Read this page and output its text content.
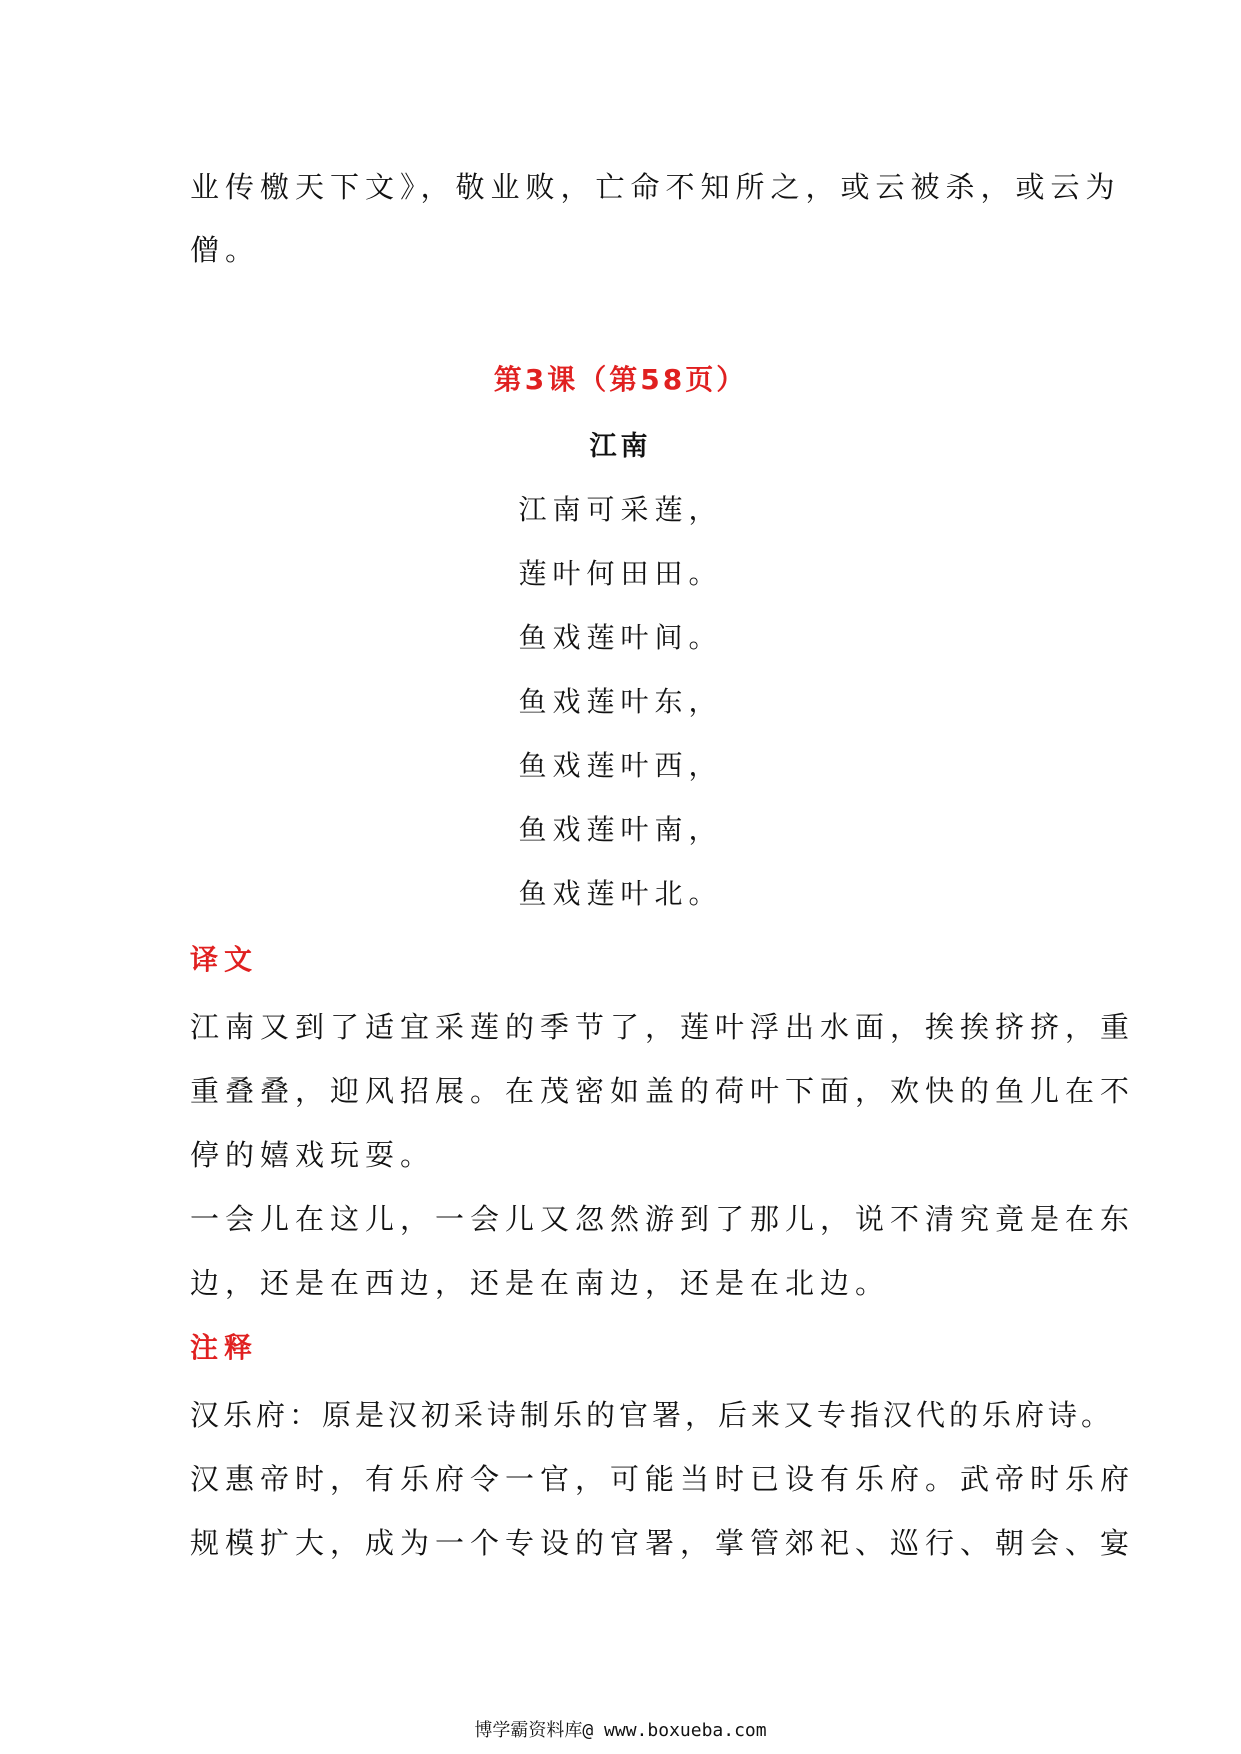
业传檄天下文》，敬业败，亡命不知所之，或云被杀，或云为
僧。
第3课（第58页）
江南
江南可采莲，
莲叶何田田。
鱼戏莲叶间。
鱼戏莲叶东，
鱼戏莲叶西，
鱼戏莲叶南，
鱼戏莲叶北。
译文
江南又到了适宜采莲的季节了，莲叶浮出水面，挨挨挤挤，重
重叠叠，迎风招展。在茂密如盖的荷叶下面，欢快的鱼儿在不
停的嬉戏玩耍。
一会儿在这儿，一会儿又忽然游到了那儿，说不清究竟是在东
边，还是在西边，还是在南边，还是在北边。
注释
汉乐府：原是汉初采诗制乐的官署，后来又专指汉代的乐府诗。
汉惠帝时，有乐府令一官，可能当时已设有乐府。武帝时乐府
规模扩大，成为一个专设的官署，掌管郊祀、巡行、朝会、宴
博学霸资料库@ www.boxueba.com
